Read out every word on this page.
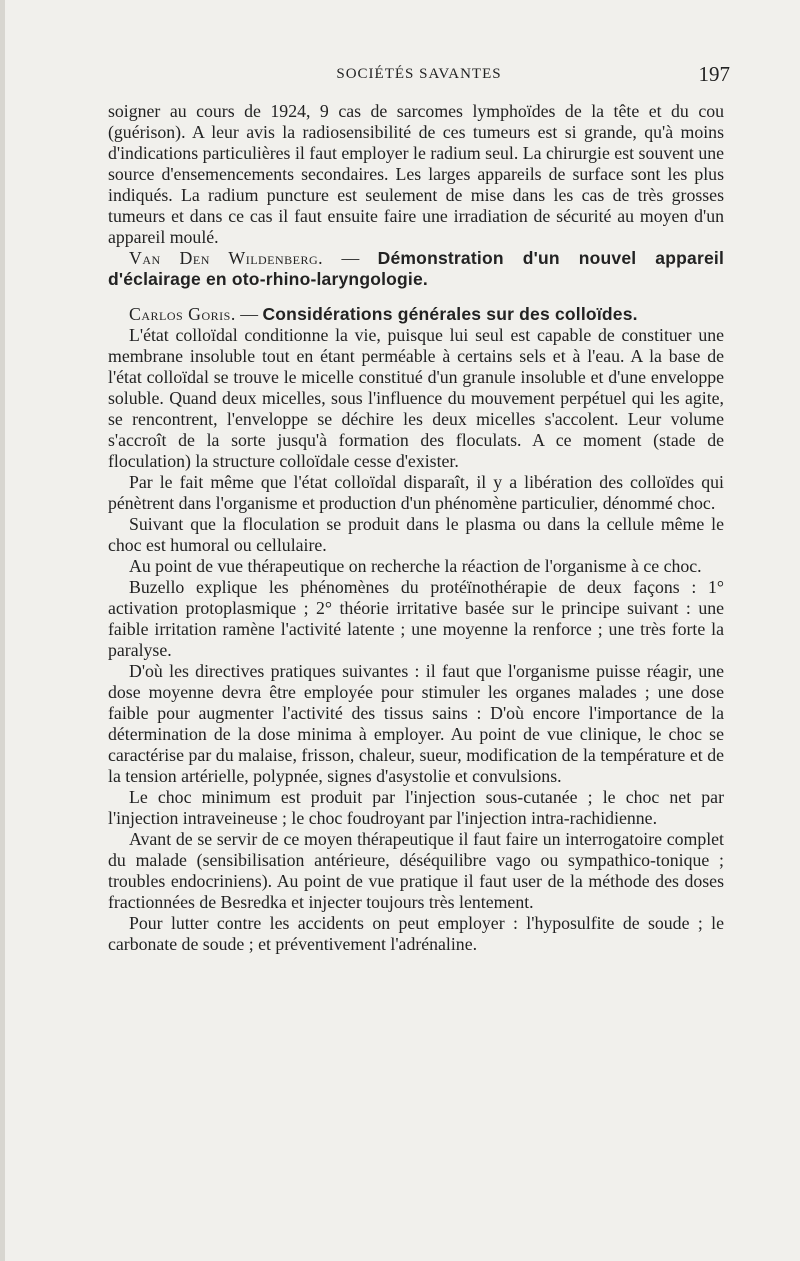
SOCIÉTÉS SAVANTES	197

soigner au cours de 1924, 9 cas de sarcomes lymphoïdes de la tête et du cou (guérison). A leur avis la radiosensibilité de ces tumeurs est si grande, qu'à moins d'indications particulières il faut employer le radium seul. La chirurgie est souvent une source d'ensemencements secondaires. Les larges appareils de surface sont les plus indiqués. La radium puncture est seulement de mise dans les cas de très grosses tumeurs et dans ce cas il faut ensuite faire une irradiation de sécurité au moyen d'un appareil moulé.

Van Den Wildenberg. — Démonstration d'un nouvel appareil d'éclairage en oto-rhino-laryngologie.

Carlos Goris. — Considérations générales sur des colloïdes.

L'état colloïdal conditionne la vie, puisque lui seul est capable de constituer une membrane insoluble tout en étant perméable à certains sels et à l'eau. A la base de l'état colloïdal se trouve le micelle constitué d'un granule insoluble et d'une enveloppe soluble. Quand deux micelles, sous l'influence du mouvement perpétuel qui les agite, se rencontrent, l'enveloppe se déchire les deux micelles s'accolent. Leur volume s'accroît de la sorte jusqu'à formation des floculats. A ce moment (stade de floculation) la structure colloïdale cesse d'exister.

Par le fait même que l'état colloïdal disparaît, il y a libération des colloïdes qui pénètrent dans l'organisme et production d'un phénomène particulier, dénommé choc.

Suivant que la floculation se produit dans le plasma ou dans la cellule même le choc est humoral ou cellulaire.

Au point de vue thérapeutique on recherche la réaction de l'organisme à ce choc.

Buzello explique les phénomènes du protéïnothérapie de deux façons : 1° activation protoplasmique ; 2° théorie irritative basée sur le principe suivant : une faible irritation ramène l'activité latente ; une moyenne la renforce ; une très forte la paralyse.

D'où les directives pratiques suivantes : il faut que l'organisme puisse réagir, une dose moyenne devra être employée pour stimuler les organes malades ; une dose faible pour augmenter l'activité des tissus sains : D'où encore l'importance de la détermination de la dose minima à employer. Au point de vue clinique, le choc se caractérise par du malaise, frisson, chaleur, sueur, modification de la température et de la tension artérielle, polypnée, signes d'asystolie et convulsions.

Le choc minimum est produit par l'injection sous-cutanée ; le choc net par l'injection intraveineuse ; le choc foudroyant par l'injection intra-rachidienne.

Avant de se servir de ce moyen thérapeutique il faut faire un interrogatoire complet du malade (sensibilisation antérieure, déséquilibre vago ou sympathico-tonique ; troubles endocriniens). Au point de vue pratique il faut user de la méthode des doses fractionnées de Besredka et injecter toujours très lentement.

Pour lutter contre les accidents on peut employer : l'hyposulfite de soude ; le carbonate de soude ; et préventivement l'adrénaline.
